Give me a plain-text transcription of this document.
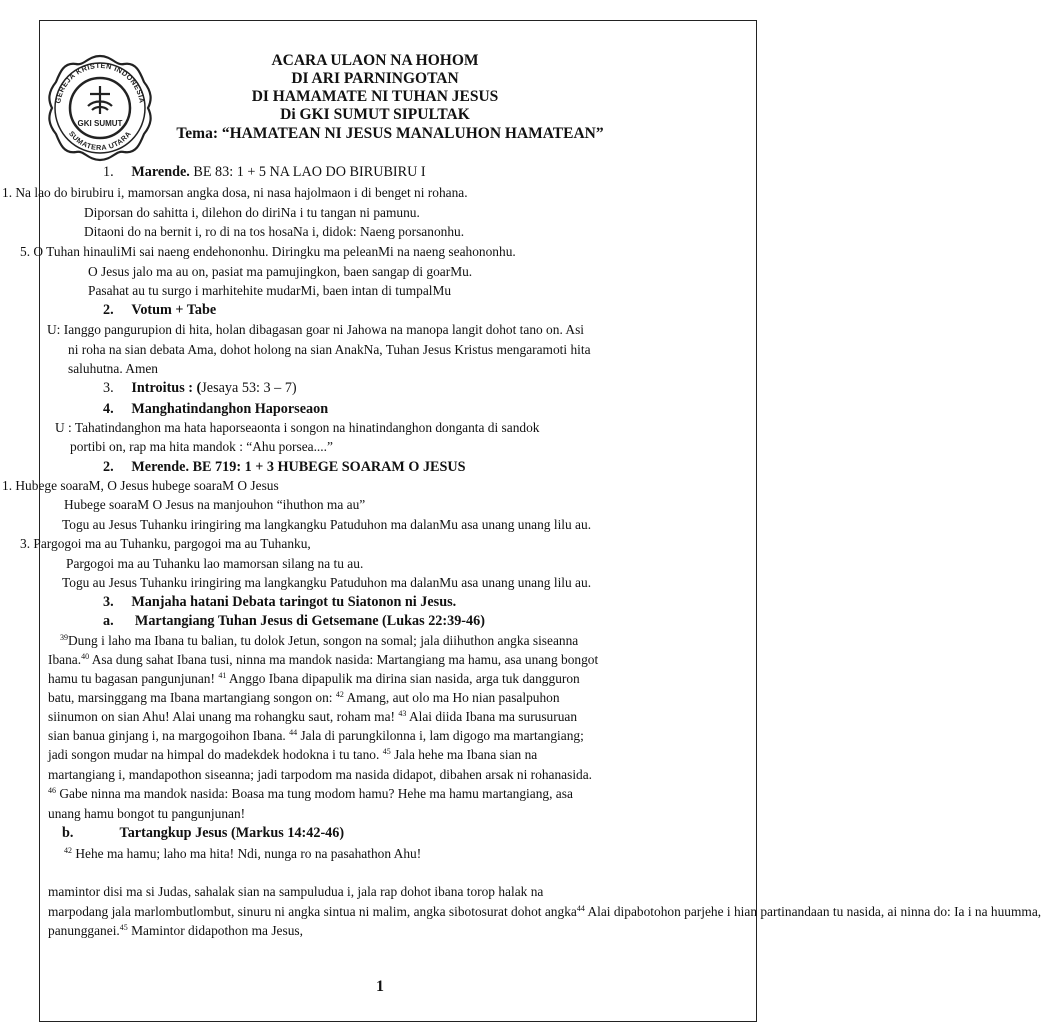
GEREJA KRISTEN INDONESIA
SUMATERA UTARA
GKI SUMUT
ACARA ULAON NA HOHOM
DI ARI PARNINGOTAN
DI HAMAMATE NI TUHAN JESUS
Di GKI SUMUT SIPULTAK
Tema: “HAMATEAN NI JESUS MANALUHON HAMATEAN”
1. Marende. BE 83: 1 + 5 NA LAO DO BIRUBIRU I
1. Na lao do birubiru i, mamorsan angka dosa, ni nasa hajolmaon i di benget ni rohana.
Diporsan do sahitta i, dilehon do diriNa i tu tangan ni pamunu.
Ditaoni do na bernit i, ro di na tos hosaNa i, didok: Naeng porsanonhu.
5. O Tuhan hinauliMi sai naeng endehononhu. Diringku ma peleanMi na naeng seahononhu.
O Jesus jalo ma au on, pasiat ma pamujingkon, baen sangap di goarMu.
Pasahat au tu surgo i marhitehite mudarMi, baen intan di tumpalMu
2. Votum + Tabe
U: Ianggo pangurupion di hita, holan dibagasan goar ni Jahowa na manopa langit dohot tano on. Asi
ni roha na sian debata Ama, dohot holong na sian AnakNa, Tuhan Jesus Kristus mengaramoti hita
saluhutna. Amen
3. Introitus : (Jesaya 53: 3 – 7)
4. Manghatindanghon Haporseaon
U : Tahatindanghon ma hata haporseaonta i songon na hinatindanghon donganta di sandok
portibi on, rap ma hita mandok : “Ahu porsea....”
2. Merende. BE 719: 1 + 3 HUBEGE SOARAM O JESUS
1. Hubege soaraM, O Jesus hubege soaraM O Jesus
Hubege soaraM O Jesus na manjouhon “ihuthon ma au”
Togu au Jesus Tuhanku iringiring ma langkangku Patuduhon ma dalanMu asa unang unang lilu au.
3. Pargogoi ma au Tuhanku, pargogoi ma au Tuhanku,
Pargogoi ma au Tuhanku lao mamorsan silang na tu au.
Togu au Jesus Tuhanku iringiring ma langkangku Patuduhon ma dalanMu asa unang unang lilu au.
3. Manjaha hatani Debata taringot tu Siatonon ni Jesus.
a. Martangiang Tuhan Jesus di Getsemane (Lukas 22:39-46)
$^{39}$Dung i laho ma Ibana tu balian, tu dolok Jetun, songon na somal; jala diihuthon angka siseanna
Ibana.$^{40}$ Asa dung sahat Ibana tusi, ninna ma mandok nasida: Martangiang ma hamu, asa unang bongot
hamu tu bagasan pangunjunan! $^{41}$ Anggo Ibana dipapulik ma dirina sian nasida, arga tuk dangguron
batu, marsinggang ma Ibana martangiang songon on: $^{42}$ Amang, aut olo ma Ho nian pasalpuhon
siinumon on sian Ahu! Alai unang ma rohangku saut, roham ma! $^{43}$ Alai diida Ibana ma surusuruan
sian banua ginjang i, na margogoihon Ibana. $^{44}$ Jala di parungkilonna i, lam digogo ma martangiang;
jadi songon mudar na himpal do madekdek hodokna i tu tano. $^{45}$ Jala hehe ma Ibana sian na
martangiang i, mandapothon siseanna; jadi tarpodom ma nasida didapot, dibahen arsak ni rohanasida.
$^{46}$ Gabe ninna ma mandok nasida: Boasa ma tung modom hamu? Hehe ma hamu martangiang, asa
unang hamu bongot tu pangunjunan!
b.	Tartangkup Jesus (Markus 14:42-46)
$^{42}$ Hehe ma hamu; laho ma hita! Ndi, nunga ro na pasahathon Ahu!
mamintor disi ma si Judas, sahalak sian na sampuludua i, jala rap dohot ibana torop halak na
marpodang jala marlombutlombut, sinuru ni angka sintua ni malim, angka sibotosurat dohot angka$^{44}$ Alai dipabotohon parjehe i hian partinandaan tu nasida, ai ninna do: Ia i na huumma,
panungganei.$^{45}$ Mamintor didapothon ma Jesus,
1
